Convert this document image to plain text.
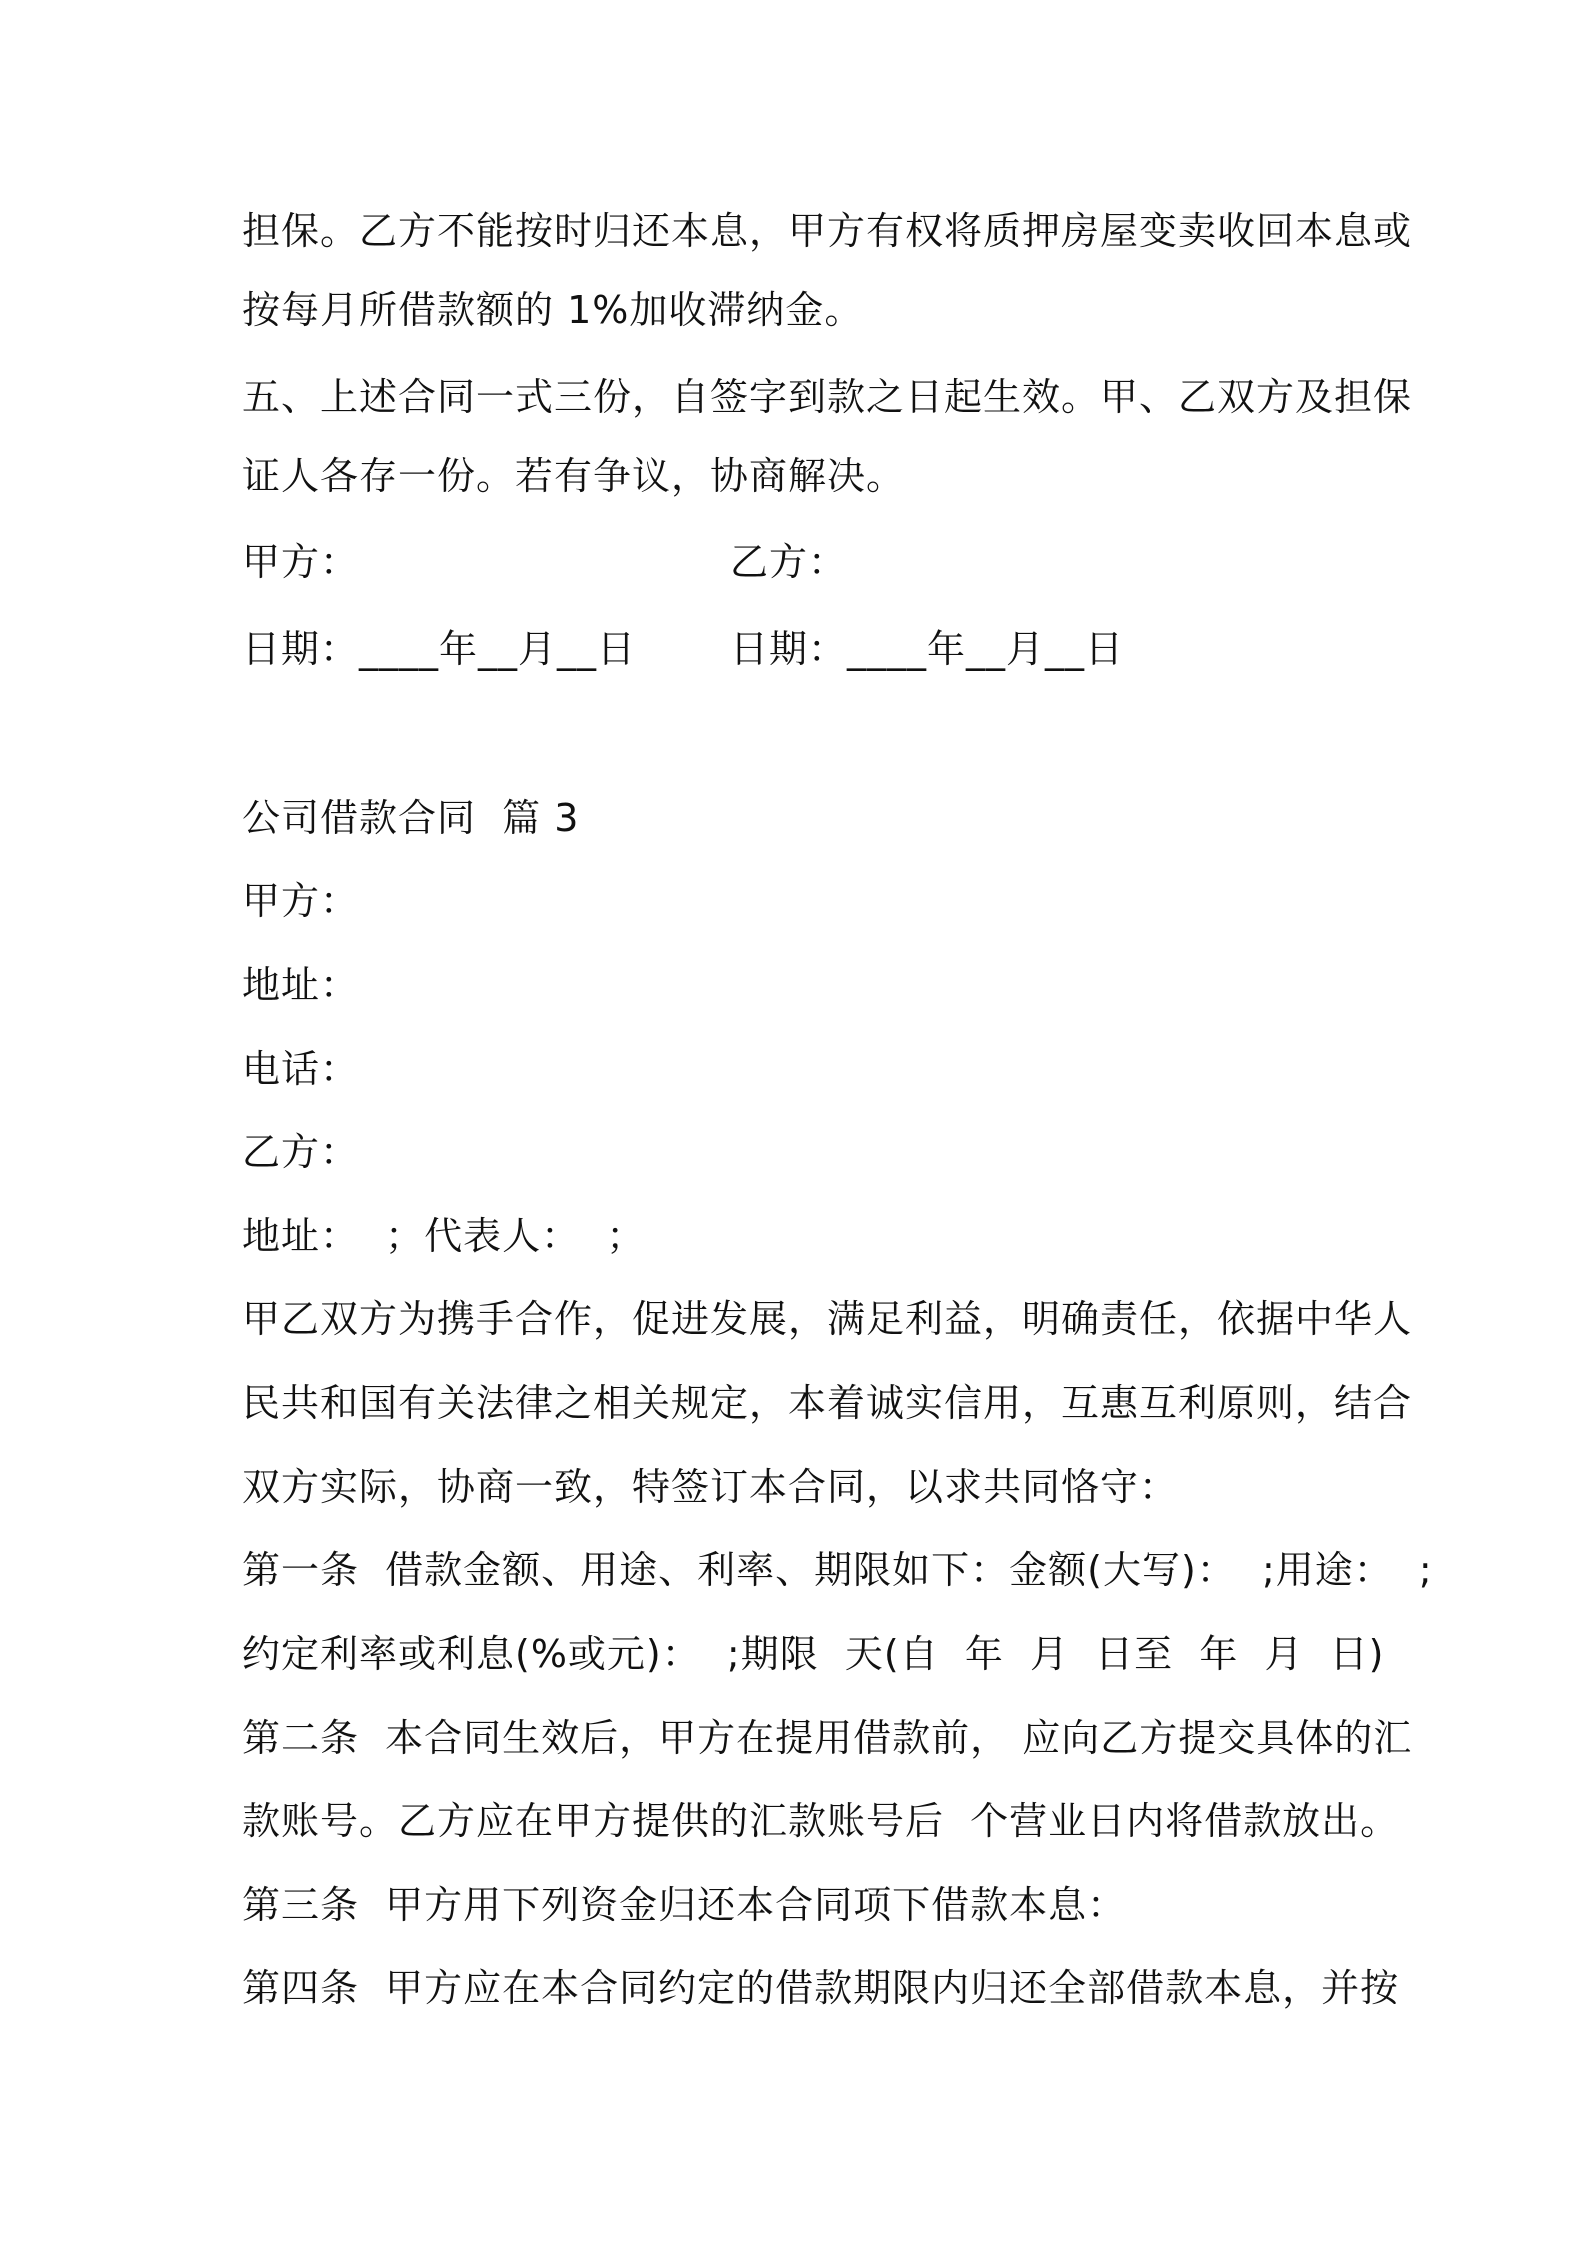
担保。乙方不能按时归还本息，甲方有权将质押房屋变卖收回本息或
按每月所借款额的 1%加收滞纳金。
五、上述合同一式三份，自签字到款之日起生效。甲、乙双方及担保
证人各存一份。若有争议，协商解决。
甲方：	乙方：
日期：____年__月__日 日期：____年__月__日
公司借款合同  篇 3
甲方：
地址：
电话：
乙方：
地址：  ；代表人：  ；
甲乙双方为携手合作，促进发展，满足利益，明确责任，依据中华人
民共和国有关法律之相关规定，本着诚实信用，互惠互利原则，结合
双方实际，协商一致，特签订本合同，以求共同恪守：
第一条  借款金额、用途、利率、期限如下：金额(大写)：  ;用途：  ;
约定利率或利息(%或元)：  ;期限  天(自  年  月  日至  年  月  日)
第二条  本合同生效后，甲方在提用借款前， 应向乙方提交具体的汇
款账号。乙方应在甲方提供的汇款账号后  个营业日内将借款放出。
第三条  甲方用下列资金归还本合同项下借款本息：
第四条  甲方应在本合同约定的借款期限内归还全部借款本息，并按
